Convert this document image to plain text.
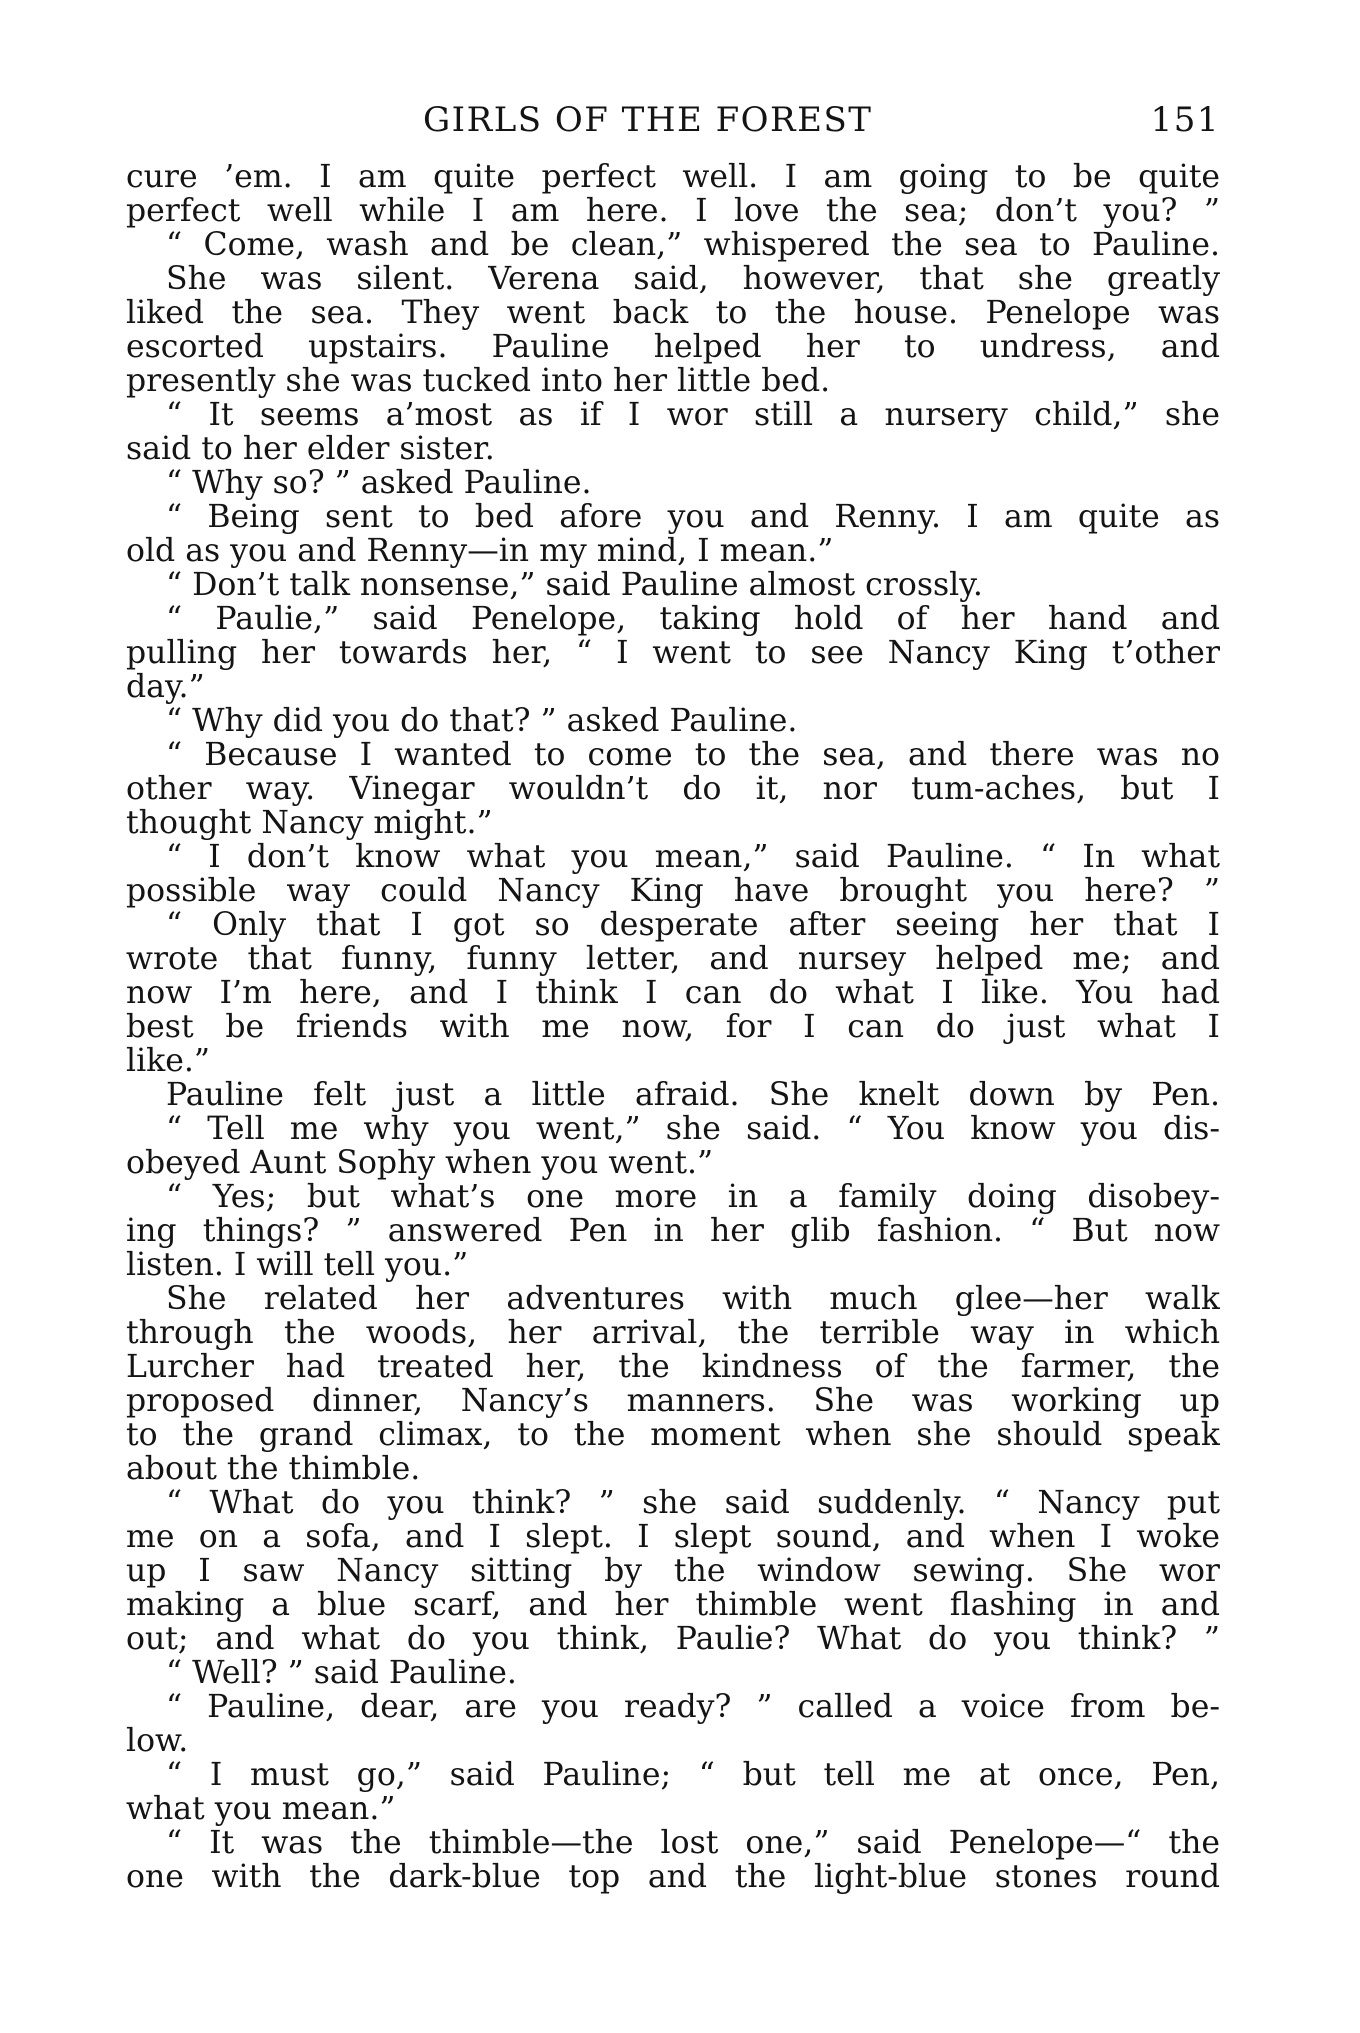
GIRLS OF THE FOREST	151
cure ’em. I am quite perfect well. I am going to be quite
perfect well while I am here. I love the sea; don’t you? ”
“ Come, wash and be clean,” whispered the sea to Pauline.
She was silent. Verena said, however, that she greatly
liked the sea. They went back to the house. Penelope was
escorted upstairs. Pauline helped her to undress, and
presently she was tucked into her little bed.
“ It seems a’most as if I wor still a nursery child,” she
said to her elder sister.
“ Why so? ” asked Pauline.
“ Being sent to bed afore you and Renny. I am quite as
old as you and Renny—in my mind, I mean.”
“ Don’t talk nonsense,” said Pauline almost crossly.
“ Paulie,” said Penelope, taking hold of her hand and
pulling her towards her, “ I went to see Nancy King t’other
day.”
“ Why did you do that? ” asked Pauline.
“ Because I wanted to come to the sea, and there was no
other way. Vinegar wouldn’t do it, nor tum-aches, but I
thought Nancy might.”
“ I don’t know what you mean,” said Pauline. “ In what
possible way could Nancy King have brought you here? ”
“ Only that I got so desperate after seeing her that I
wrote that funny, funny letter, and nursey helped me; and
now I’m here, and I think I can do what I like. You had
best be friends with me now, for I can do just what I
like.”
Pauline felt just a little afraid. She knelt down by Pen.
“ Tell me why you went,” she said. “ You know you dis-
obeyed Aunt Sophy when you went.”
“ Yes; but what’s one more in a family doing disobey-
ing things? ” answered Pen in her glib fashion. “ But now
listen. I will tell you.”
She related her adventures with much glee—her walk
through the woods, her arrival, the terrible way in which
Lurcher had treated her, the kindness of the farmer, the
proposed dinner, Nancy’s manners. She was working up
to the grand climax, to the moment when she should speak
about the thimble.
“ What do you think? ” she said suddenly. “ Nancy put
me on a sofa, and I slept. I slept sound, and when I woke
up I saw Nancy sitting by the window sewing. She wor
making a blue scarf, and her thimble went flashing in and
out; and what do you think, Paulie? What do you think? ”
“ Well? ” said Pauline.
“ Pauline, dear, are you ready? ” called a voice from be-
low.
“ I must go,” said Pauline; “ but tell me at once, Pen,
what you mean.”
“ It was the thimble—the lost one,” said Penelope—“ the
one with the dark-blue top and the light-blue stones round
